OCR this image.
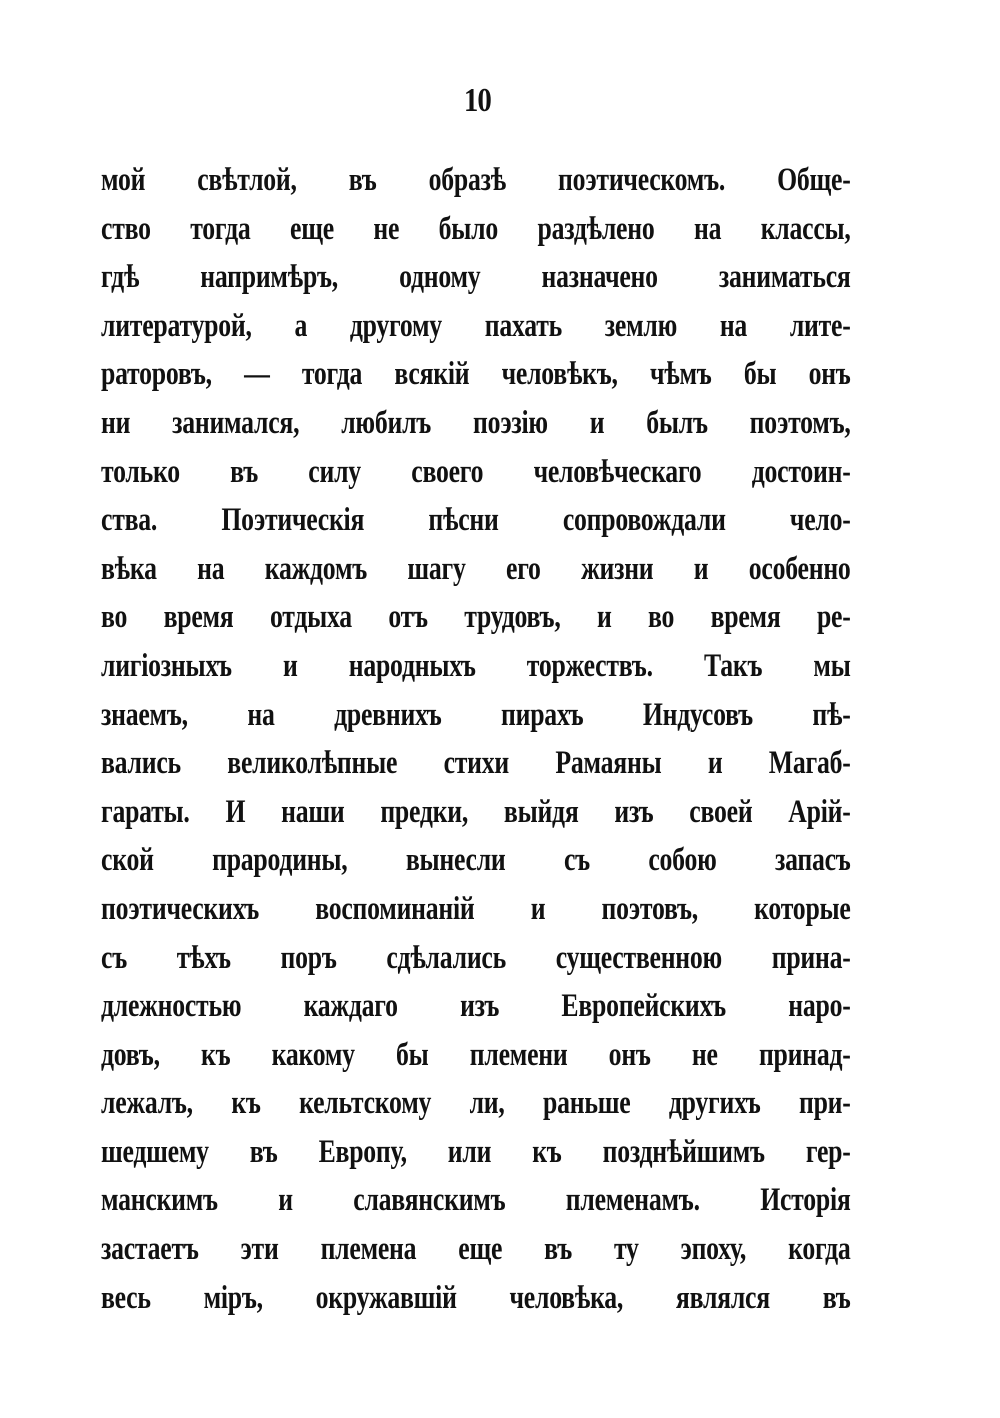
10
мой свѣтлой, въ образѣ поэтическомъ. Обще-
ство тогда еще не было раздѣлено на классы,
гдѣ напримѣръ, одному назначено заниматься
литературой, а другому пахать землю на лите-
раторовъ, — тогда всякій человѣкъ, чѣмъ бы онъ
ни занимался, любилъ поэзію и былъ поэтомъ,
только въ силу своего человѣческаго достоин-
ства. Поэтическія пѣсни сопровождали чело-
вѣка на каждомъ шагу его жизни и особенно
во время отдыха отъ трудовъ, и во время ре-
лигіозныхъ и народныхъ торжествъ. Такъ мы
знаемъ, на древнихъ пирахъ Индусовъ пѣ-
вались великолѣпные стихи Рамаяны и Магаб-
гараты. И наши предки, выйдя изъ своей Арій-
ской прародины, вынесли съ собою запасъ
поэтическихъ воспоминаній и поэтовъ, которые
съ тѣхъ поръ сдѣлались существенною прина-
длежностью каждаго изъ Европейскихъ наро-
довъ, къ какому бы племени онъ не принад-
лежалъ, къ кельтскому ли, раньше другихъ при-
шедшему въ Европу, или къ позднѣйшимъ гер-
манскимъ и славянскимъ племенамъ. Исторія
застаетъ эти племена еще въ ту эпоху, когда
весь міръ, окружавшій человѣка, являлся въ
